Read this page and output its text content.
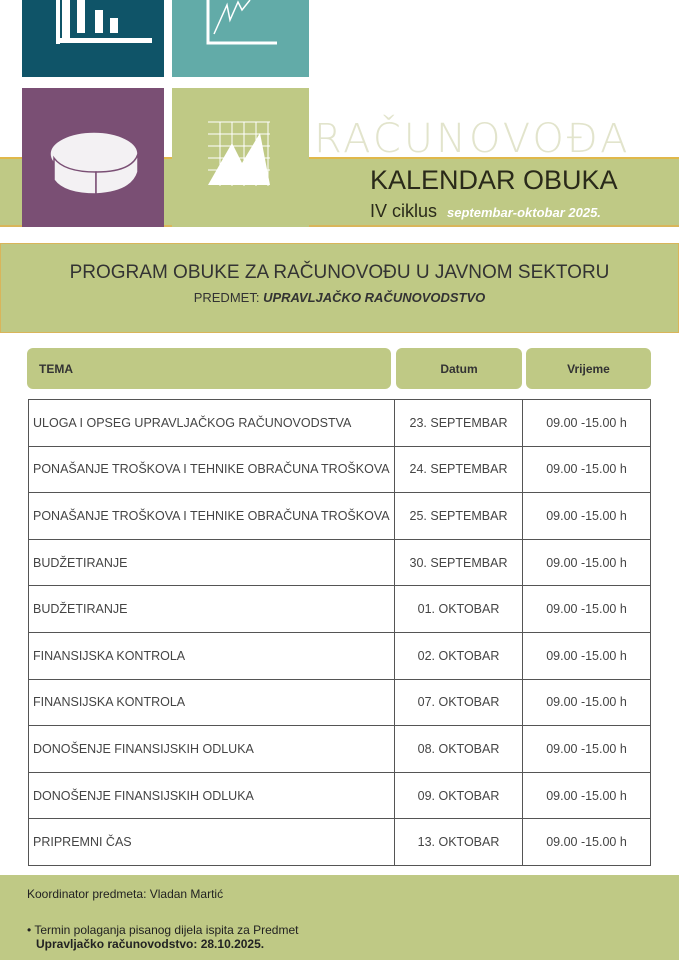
RAČUNOVOĐA
KALENDAR OBUKA
IV ciklus septembar-oktobar 2025.
PROGRAM OBUKE ZA RAČUNOVOĐU U JAVNOM SEKTORU
PREDMET: UPRAVLJAČKO RAČUNOVODSTVO
TEMA	Datum	Vrijeme
ULOGA I OPSEG UPRAVLJAČKOG RAČUNOVODSTVA	23. SEPTEMBAR	09.00 -15.00 h
PONAŠANJE TROŠKOVA I TEHNIKE OBRAČUNA TROŠKOVA	24. SEPTEMBAR	09.00 -15.00 h
PONAŠANJE TROŠKOVA I TEHNIKE OBRAČUNA TROŠKOVA	25. SEPTEMBAR	09.00 -15.00 h
BUDŽETIRANJE	30. SEPTEMBAR	09.00 -15.00 h
BUDŽETIRANJE	01. OKTOBAR	09.00 -15.00 h
FINANSIJSKA KONTROLA	02. OKTOBAR	09.00 -15.00 h
FINANSIJSKA KONTROLA	07. OKTOBAR	09.00 -15.00 h
DONOŠENJE FINANSIJSKIH ODLUKA	08. OKTOBAR	09.00 -15.00 h
DONOŠENJE FINANSIJSKIH ODLUKA	09. OKTOBAR	09.00 -15.00 h
PRIPREMNI ČAS	13. OKTOBAR	09.00 -15.00 h
Koordinator predmeta: Vladan Martić
• Termin polaganja pisanog dijela ispita za Predmet
Upravljačko računovodstvo: 28.10.2025.
